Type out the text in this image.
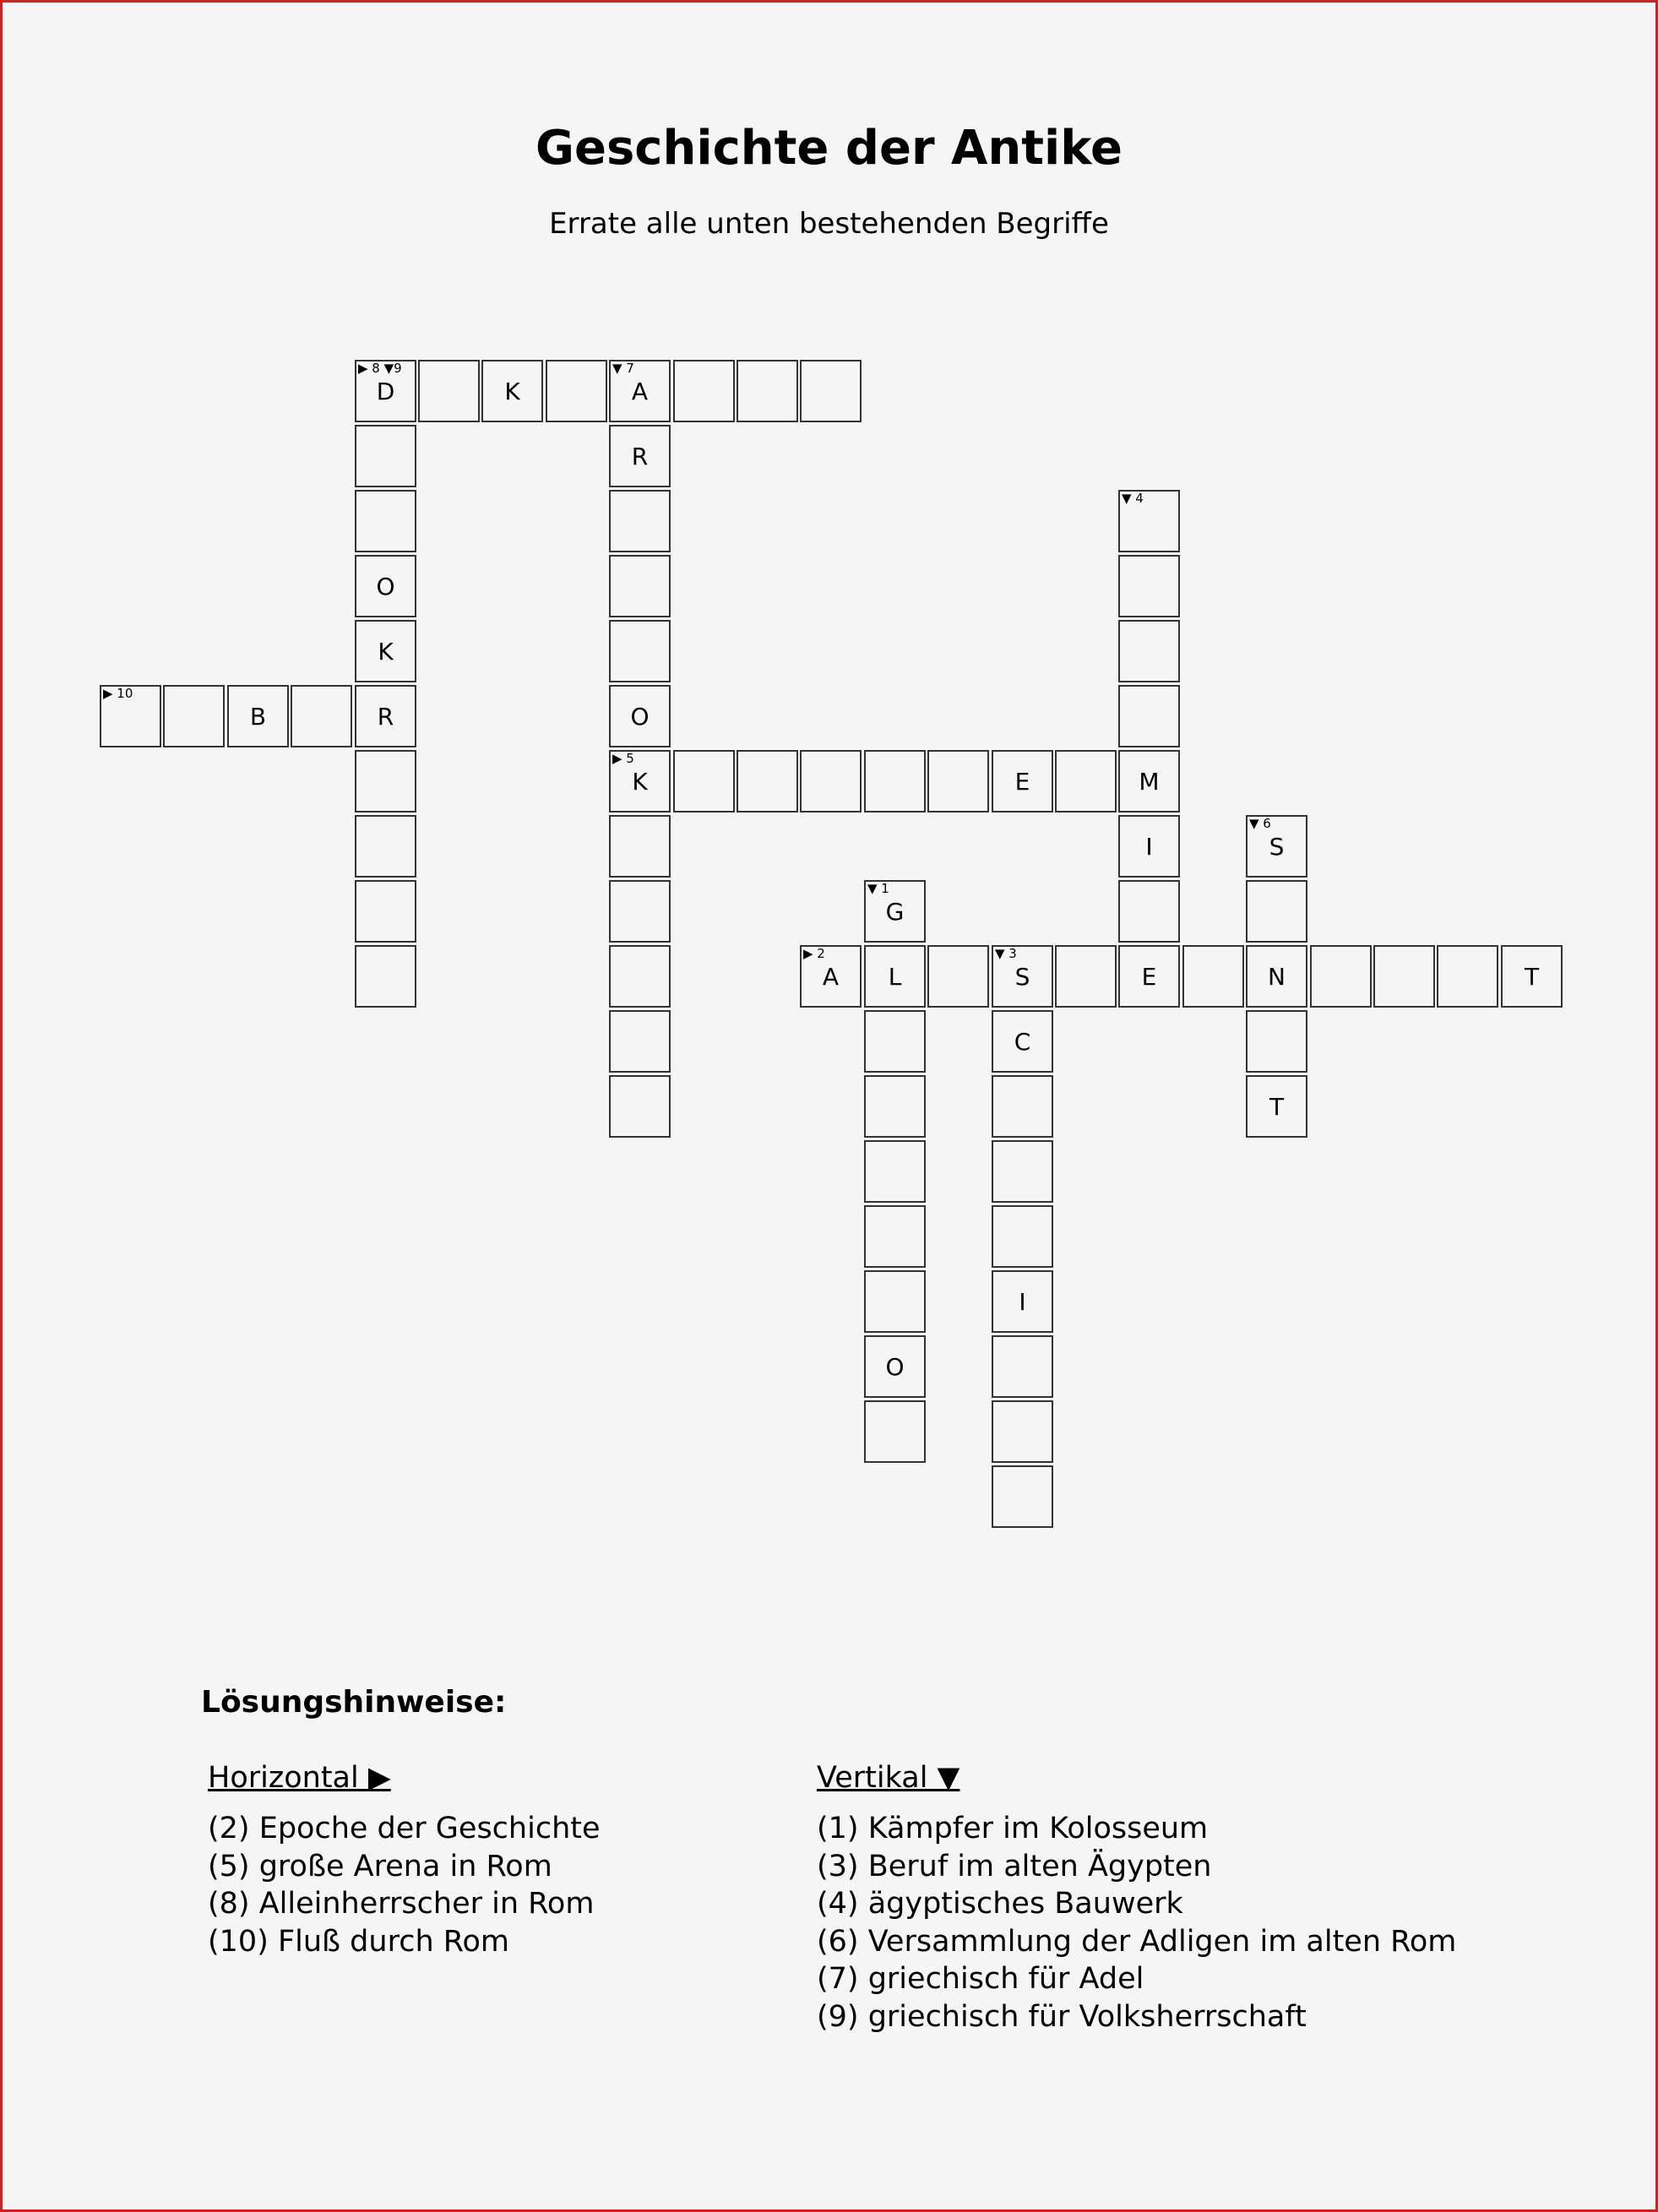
Geschichte der Antike
Errate alle unten bestehenden Begriffe
▶ 8 ▼9
D	K
▼ 7
A
R
▼ 4
O
K
▶ 10
B	R	O
▶ 5
K	E	M
I
▼ 6
S
▼ 1
G
▶ 2
A L
▼ 3
S	E	N	T
C
T
I
O
Lösungshinweise:
Horizontal ▶
(2) Epoche der Geschichte
(5) große Arena in Rom
(8) Alleinherrscher in Rom
(10) Fluß durch Rom
Vertikal ▼
(1) Kämpfer im Kolosseum
(3) Beruf im alten Ägypten
(4) ägyptisches Bauwerk
(6) Versammlung der Adligen im alten Rom
(7) griechisch für Adel
(9) griechisch für Volksherrschaft
